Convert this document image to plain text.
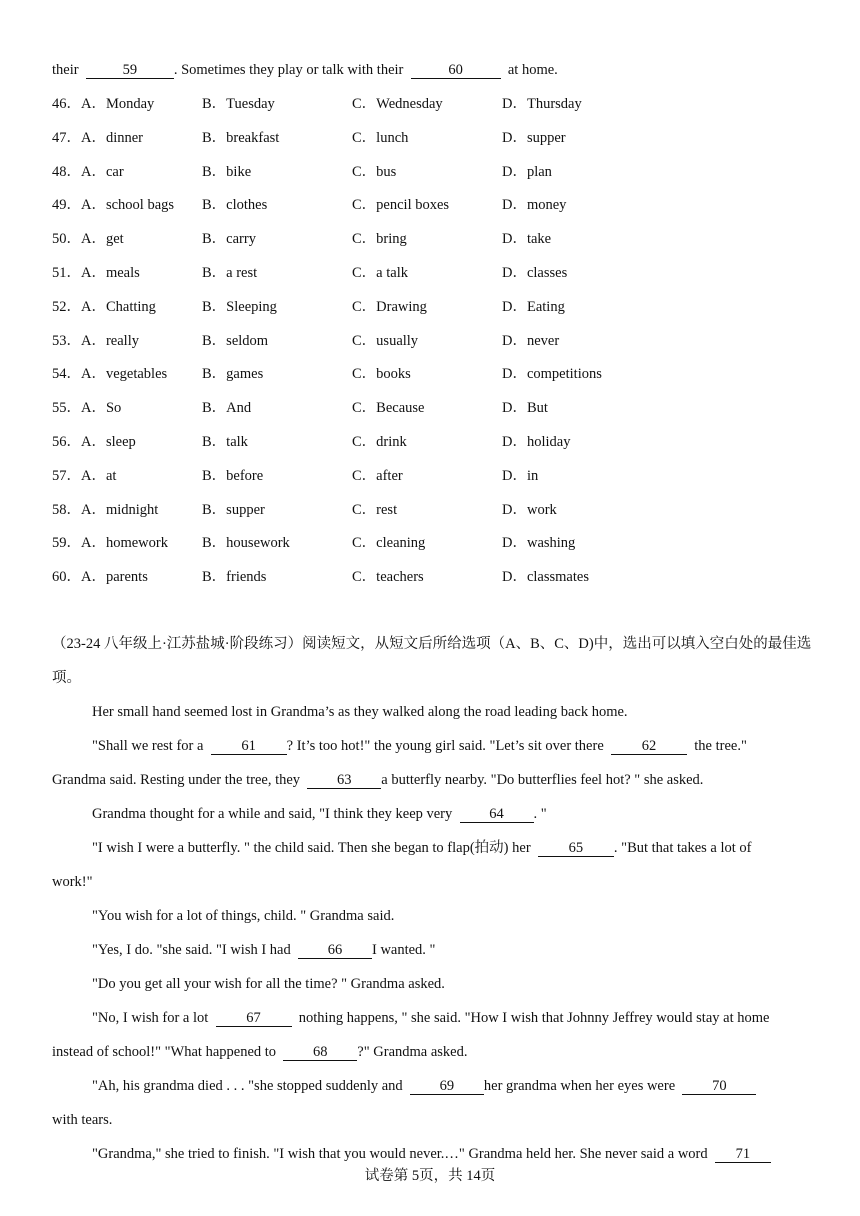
their	59	. Sometimes they play or talk with their	60	at home.
46．A．Monday	B．Tuesday	C．Wednesday	D．Thursday
47．A．dinner	B．breakfast	C．lunch	D．supper
48．A．car	B．bike	C．bus	D．plan
49．A．school bags B．clothes	C．pencil boxes	D．money
50．A．get	B．carry	C．bring	D．take
51．A．meals	B．a rest	C．a talk	D．classes
52．A．Chatting	B．Sleeping	C．Drawing	D．Eating
53．A．really	B．seldom	C．usually	D．never
54．A．vegetables B．games	C．books	D．competitions
55．A．So	B．And	C．Because	D．But
56．A．sleep	B．talk	C．drink	D．holiday
57．A．at	B．before	C．after	D．in
58．A．midnight	B．supper	C．rest	D．work
59．A．homework B．housework	C．cleaning	D．washing
60．A．parents	B．friends	C．teachers	D．classmates
（23-24 八年级上·江苏盐城·阶段练习）阅读短文，从短文后所给选项（A、B、C、D)中，选出可以填入空白处的最佳选项。
Her small hand seemed lost in Grandma’s as they walked along the road leading back home.
"Shall we rest for a	61 ? It’s too hot!" the young girl said. "Let’s sit over there	62	the tree."
Grandma said. Resting under the tree, they	63 a butterfly nearby. "Do butterflies feel hot? " she asked.
Grandma thought for a while and said, "I think they keep very	64 . "
"I wish I were a butterfly. " the child said. Then she began to flap(拍动) her	65 . "But that takes a lot of
work!"
"You wish for a lot of things, child. " Grandma said.
"Yes, I do. "she said. "I wish I had	66 I wanted. "
"Do you get all your wish for all the time? " Grandma asked.
"No, I wish for a lot	67	nothing happens, " she said. "How I wish that Johnny Jeffrey would stay at home
instead of school!" "What happened to	68 ?" Grandma asked.
"Ah, his grandma died . . . "she stopped suddenly and	69 her grandma when her eyes were	70
with tears.
"Grandma," she tried to finish. "I wish that you would never.…" Grandma held her. She never said a word 71
试卷第 5页，共 14页
